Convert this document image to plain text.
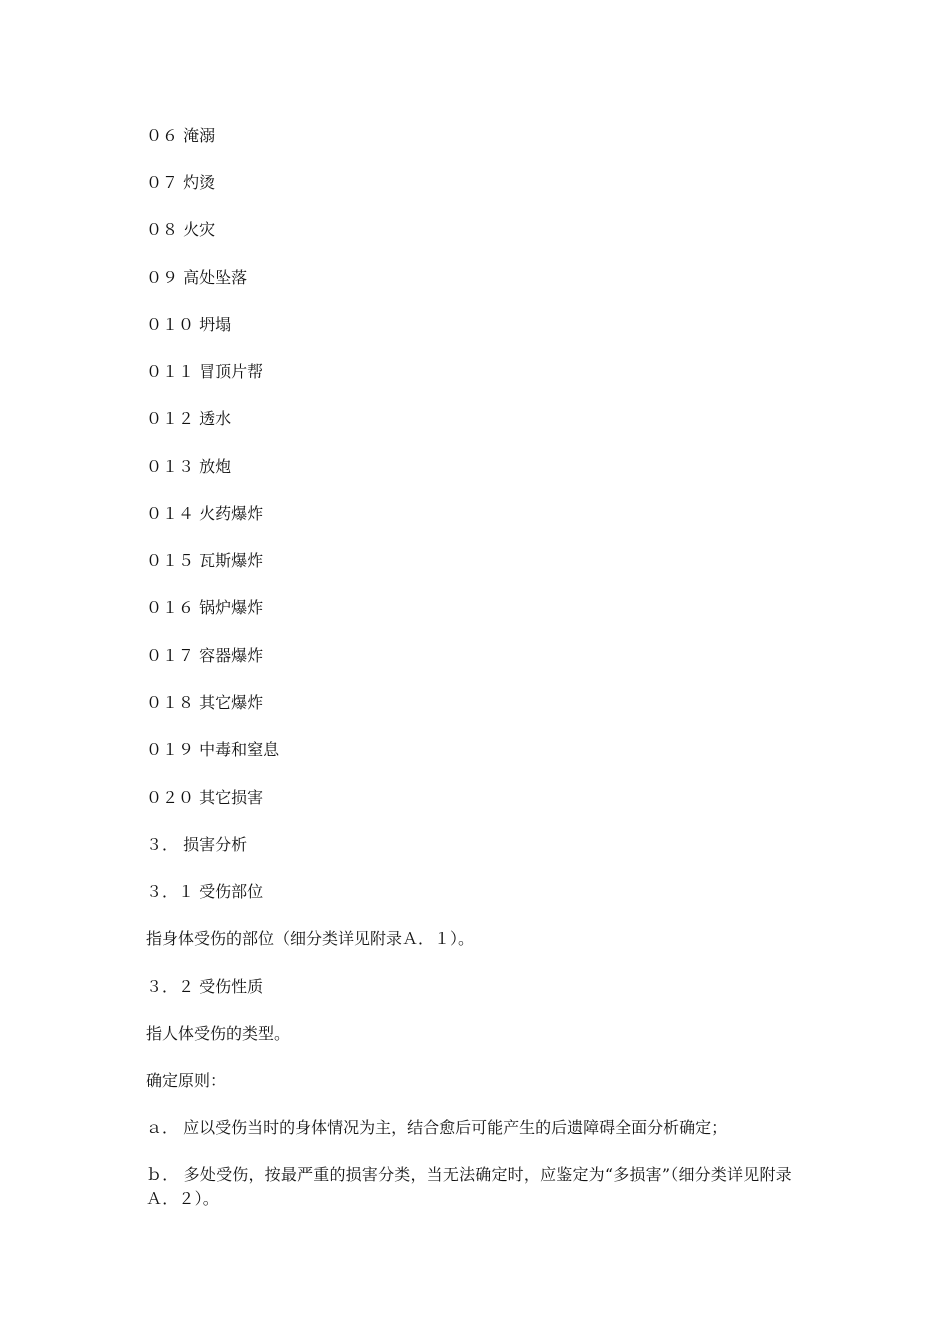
０６ 淹溺
０７ 灼烫
０８ 火灾
０９ 高处坠落
０１０ 坍塌
０１１ 冒顶片帮
０１２ 透水
０１３ 放炮
０１４ 火药爆炸
０１５ 瓦斯爆炸
０１６ 锅炉爆炸
０１７ 容器爆炸
０１８ 其它爆炸
０１９ 中毒和窒息
０２０ 其它损害
３． 损害分析
３．１ 受伤部位
指身体受伤的部位（细分类详见附录Ａ．１）。
３．２ 受伤性质
指人体受伤的类型。
确定原则：
ａ． 应以受伤当时的身体情况为主，结合愈后可能产生的后遗障碍全面分析确定；
ｂ． 多处受伤，按最严重的损害分类，当无法确定时，应鉴定为“多损害”（细分类详见附录Ａ．２）。
